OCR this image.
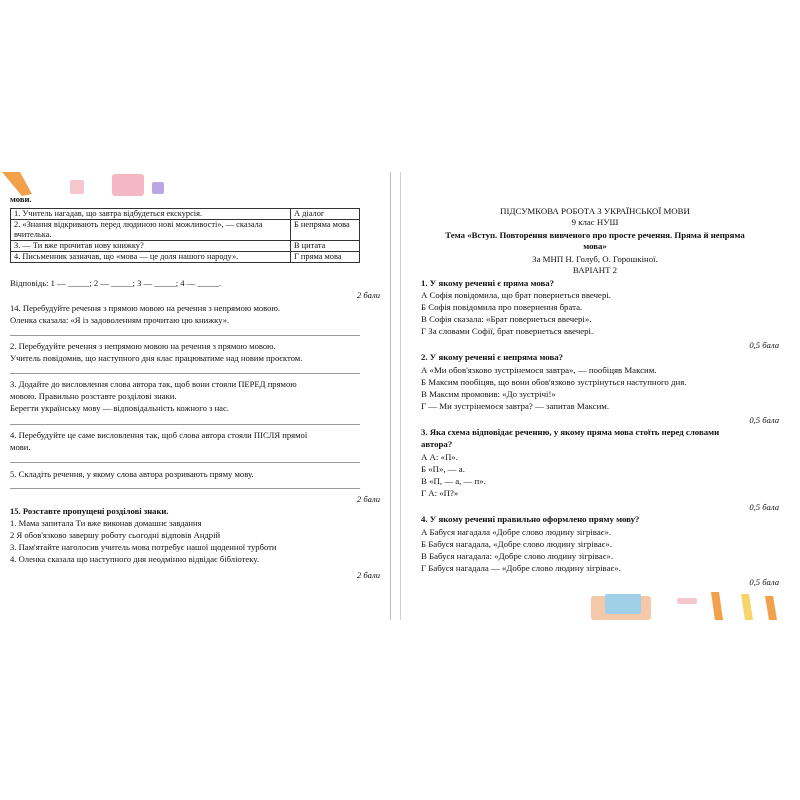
мови.
1. Учитель нагадав, що завтра відбудеться екскурсія.	А діалог
2. «Знання відкривають перед людиною нові можливості», — сказала вчителька.	Б непряма мова
3. — Ти вже прочитав нову книжку?	В цитата
4. Письменник зазначав, що «мова — це доля нашого народу».	Г пряма мова
Відповідь: 1 — _____; 2 — _____; 3 — _____; 4 — _____.
2 бали
14. Перебудуйте речення з прямою мовою на речення з непрямою мовою.
Оленка сказала: «Я із задоволенням прочитаю цю книжку».
2. Перебудуйте речення з непрямою мовою на речення з прямою мовою.
Учитель повідомив, що наступного дня клас працюватиме над новим проєктом.
3. Додайте до висловлення слова автора так, щоб вони стояли ПЕРЕД прямою
мовою. Правильно розставте розділові знаки.
Берегти українську мову — відповідальність кожного з нас.
4. Перебудуйте це саме висловлення так, щоб слова автора стояли ПІСЛЯ прямої
мови.
5. Складіть речення, у якому слова автора розривають пряму мову.
2 бали
15. Розставте пропущені розділові знаки.
1. Мама запитала Ти вже виконав домашнє завдання
2 Я обов'язково завершу роботу сьогодні відповів Андрій
3. Пам'ятайте наголосив учитель мова потребує нашої щоденної турботи
4. Оленка сказала що наступного дня неодмінно відвідає бібліотеку.
2 бали
ПІДСУМКОВА РОБОТА З УКРАЇНСЬКОЇ МОВИ
9 клас НУШ
Тема «Вступ. Повторення вивченого про просте речення. Пряма й непряма
мова»
За МНП Н. Голуб, О. Горошкіної.
ВАРІАНТ 2
1. У якому реченні є пряма мова?
А Софія повідомила, що брат повернеться ввечері.
Б Софія повідомила про повернення брата.
В Софія сказала: «Брат повернеться ввечері».
Г За словами Софії, брат повернеться ввечері.
0,5 бала
2. У якому реченні є непряма мова?
А «Ми обов'язково зустрінемося завтра», — пообіцяв Максим.
Б Максим пообіцяв, що вони обов'язково зустрінуться наступного дня.
В Максим промовив: «До зустрічі!»
Г — Ми зустрінемося завтра? — запитав Максим.
0,5 бала
3. Яка схема відповідає реченню, у якому пряма мова стоїть перед словами
автора?
А А: «П».
Б «П», — а.
В «П, — а, — п».
Г А: «П?»
0,5 бала
4. У якому реченні правильно оформлено пряму мову?
А Бабуся нагадала «Добре слово людину зігріває».
Б Бабуся нагадала, «Добре слово людину зігріває».
В Бабуся нагадала: «Добре слово людину зігріває».
Г Бабуся нагадала — «Добре слово людину зігріває».
0,5 бала
